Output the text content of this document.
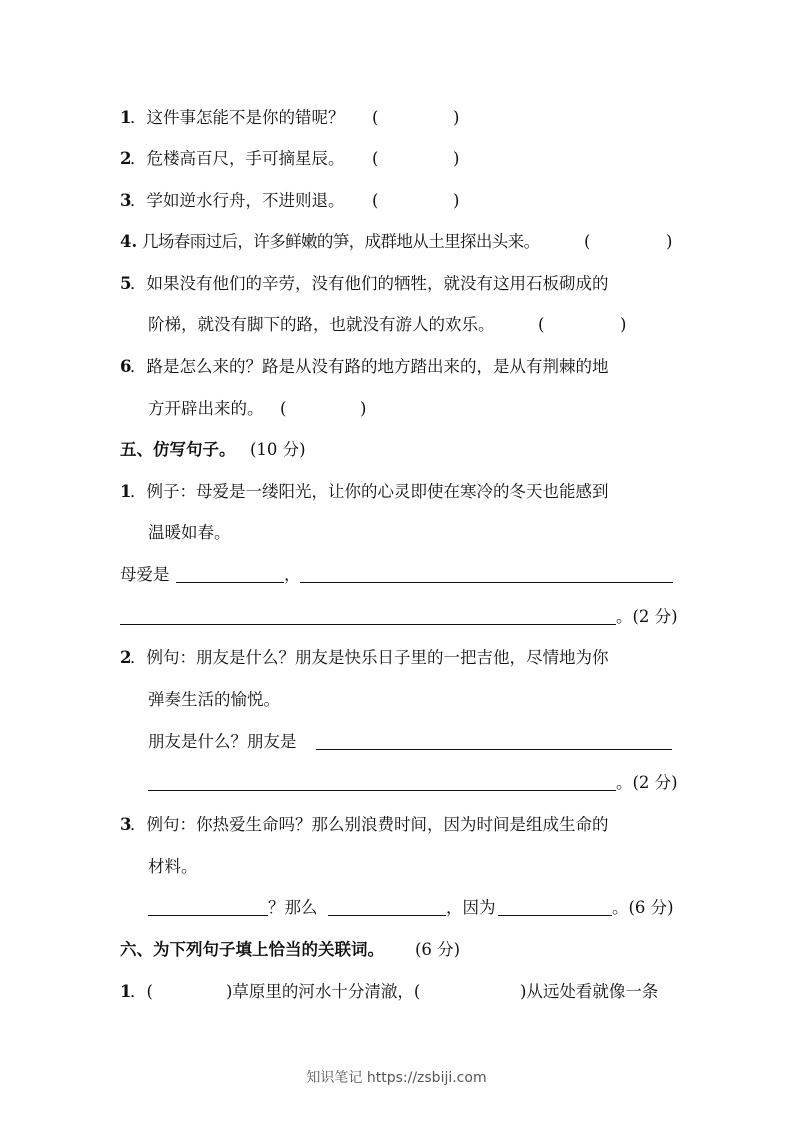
1
．这件事怎能不是你的错呢？ (	)
2
．危楼高百尺，手可摘星辰。 (	)
3
．学如逆水行舟，不进则退。 (	)
4. 几场春雨过后，许多鲜嫩的笋，成群地从土里探出头来。	(	)
5
．如果没有他们的辛劳，没有他们的牺牲，就没有这用石板砌成的
阶梯，就没有脚下的路，也就没有游人的欢乐。	(	)
6
．路是怎么来的？路是从没有路的地方踏出来的，是从有荆棘的地
方开辟出来的。 (	)
五、仿写句子。 (10 分)
1
．例子：母爱是一缕阳光，让你的心灵即使在寒冷的冬天也能感到
温暖如春。
母爱是	，
。(2 分)
2
．例句：朋友是什么？朋友是快乐日子里的一把吉他，尽情地为你
弹奏生活的愉悦。
朋友是什么？朋友是
。(2 分)
3
．例句：你热爱生命吗？那么别浪费时间，因为时间是组成生命的
材料。
？那么	，因为	。(6 分)
六、为下列句子填上恰当的关联词。 (6 分)
1
．(	)草原里的河水十分清澈，(	)从远处看就像一条
知识笔记 https://zsbiji.com
